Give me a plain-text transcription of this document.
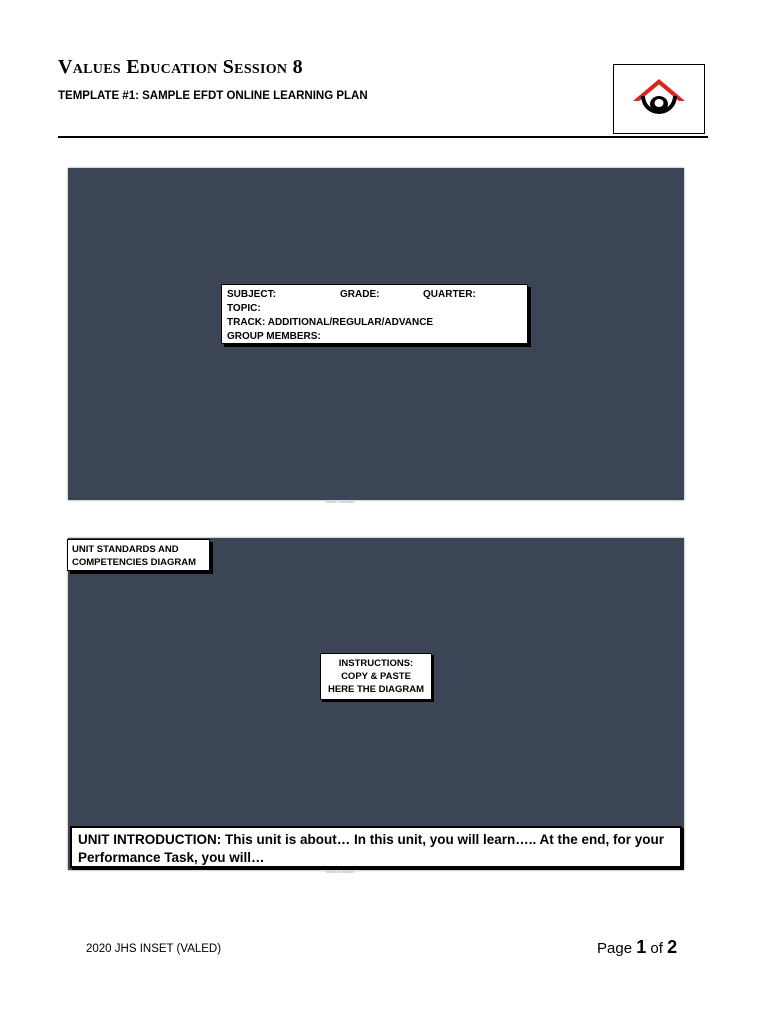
Values Education Session 8
TEMPLATE #1: SAMPLE EFDT ONLINE LEARNING PLAN
SUBJECT:	GRADE:	QUARTER:
TOPIC:
TRACK: ADDITIONAL/REGULAR/ADVANCE
GROUP MEMBERS:
DEPED ACADEMIES
UNIT STANDARDS AND
COMPETENCIES DIAGRAM
INSTRUCTIONS:
COPY & PASTE
HERE THE DIAGRAM
UNIT INTRODUCTION: This unit is about… In this unit, you will learn….. At the end, for your
Performance Task, you will…
DEPED ACADEMIES
2020 JHS INSET (VALED)	Page 1 of 2
